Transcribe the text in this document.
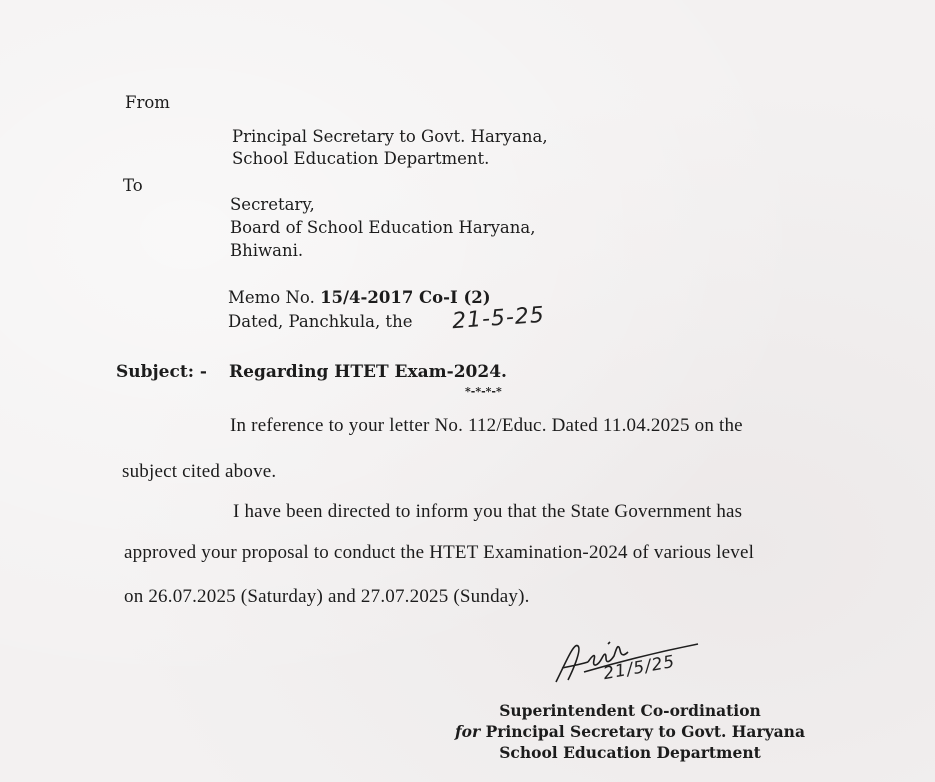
From
Principal Secretary to Govt. Haryana,
School Education Department.
To
Secretary,
Board of School Education Haryana,
Bhiwani.
Memo No. 15/4-2017 Co-I (2)
Dated, Panchkula, the 21-5-25
Subject: - Regarding HTET Exam-2024.
*-*-*-*
In reference to your letter No. 112/Educ. Dated 11.04.2025 on the
subject cited above.
I have been directed to inform you that the State Government has
approved your proposal to conduct the HTET Examination-2024 of various level
on 26.07.2025 (Saturday) and 27.07.2025 (Sunday).
21/5/25
Superintendent Co-ordination
for Principal Secretary to Govt. Haryana
School Education Department
